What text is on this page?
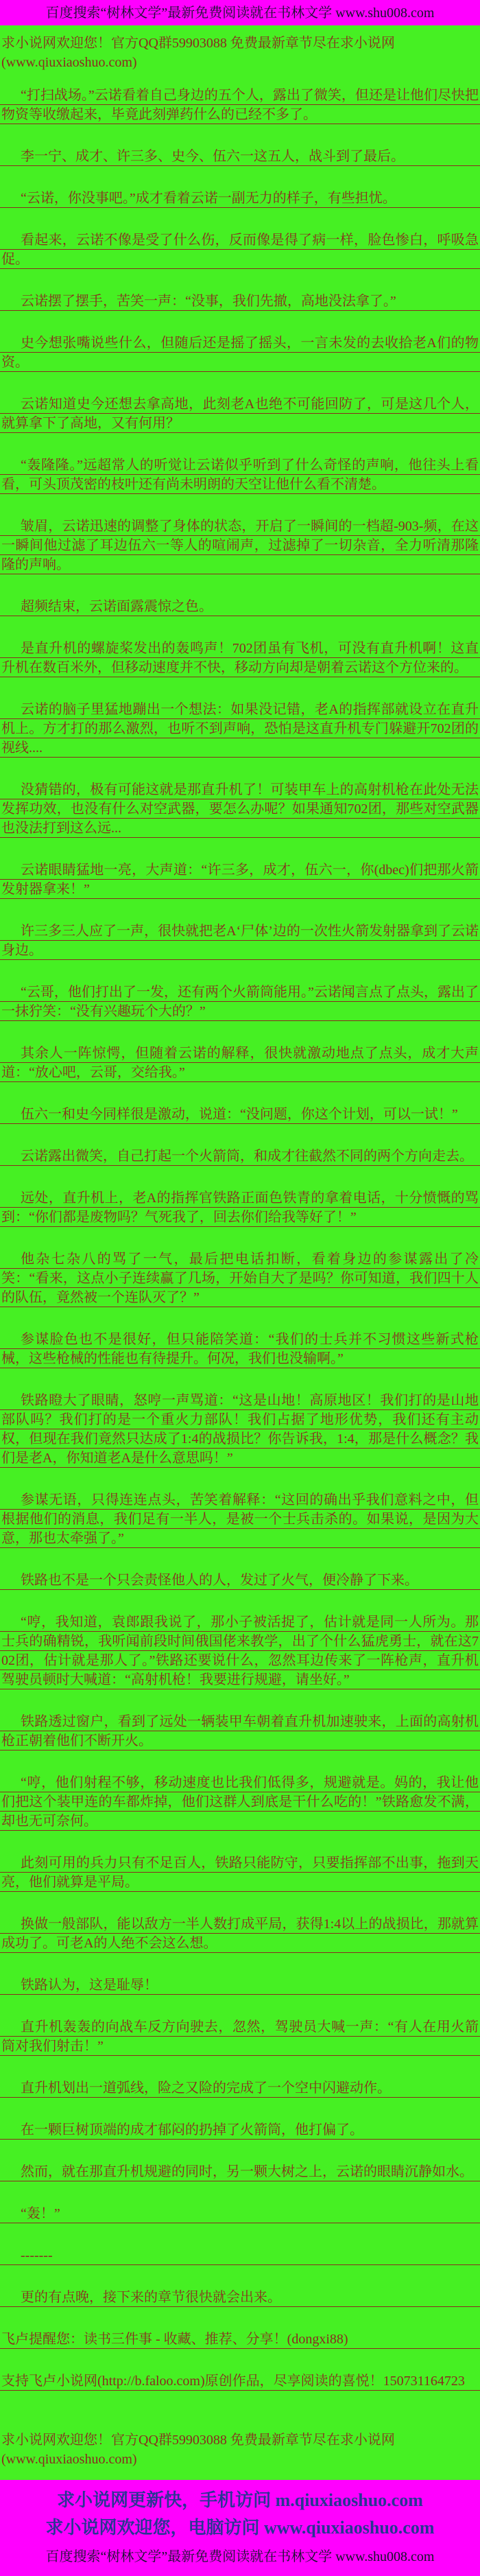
百度搜索“树林文学”最新免费阅读就在书林文学 www.shu008.com
求小说网欢迎您！官方QQ群59903088 免费最新章节尽在求小说网(www.qiuxiaoshuo.com)

“打扫战场。”云诺看着自己身边的五个人，露出了微笑，但还是让他们尽快把物资等收缴起来，毕竟此刻弹药什么的已经不多了。

李一宁、成才、许三多、史今、伍六一这五人，战斗到了最后。

“云诺，你没事吧。”成才看着云诺一副无力的样子，有些担忧。

看起来，云诺不像是受了什么伤，反而像是得了病一样，脸色惨白，呼吸急促。

云诺摆了摆手，苦笑一声：“没事，我们先撤，高地没法拿了。”

史今想张嘴说些什么，但随后还是摇了摇头，一言未发的去收拾老A们的物资。

云诺知道史今还想去拿高地，此刻老A也绝不可能回防了，可是这几个人，就算拿下了高地，又有何用？

“轰隆隆。”远超常人的听觉让云诺似乎听到了什么奇怪的声响，他往头上看看，可头顶茂密的枝叶还有尚未明朗的天空让他什么看不清楚。

皱眉，云诺迅速的调整了身体的状态，开启了一瞬间的一档超-903-频，在这一瞬间他过滤了耳边伍六一等人的喧闹声，过滤掉了一切杂音，全力听清那隆隆的声响。

超频结束，云诺面露震惊之色。

是直升机的螺旋桨发出的轰鸣声！702团虽有飞机，可没有直升机啊！这直升机在数百米外，但移动速度并不快，移动方向却是朝着云诺这个方位来的。

云诺的脑子里猛地蹦出一个想法：如果没记错，老A的指挥部就设立在直升机上。方才打的那么激烈，也听不到声响，恐怕是这直升机专门躲避开702团的视线....

没猜错的，极有可能这就是那直升机了！可装甲车上的高射机枪在此处无法发挥功效，也没有什么对空武器，要怎么办呢？如果通知702团，那些对空武器也没法打到这么远...

云诺眼睛猛地一亮，大声道：“许三多，成才，伍六一，你(dbec)们把那火箭发射器拿来！”

许三多三人应了一声，很快就把老A‘尸体’边的一次性火箭发射器拿到了云诺身边。

“云哥，他们打出了一发，还有两个火箭筒能用。”云诺闻言点了点头，露出了一抹狞笑：“没有兴趣玩个大的？”

其余人一阵惊愕，但随着云诺的解释，很快就激动地点了点头，成才大声道：“放心吧，云哥，交给我。”

伍六一和史今同样很是激动，说道：“没问题，你这个计划，可以一试！”

云诺露出微笑，自己打起一个火箭筒，和成才往截然不同的两个方向走去。

远处，直升机上，老A的指挥官铁路正面色铁青的拿着电话，十分愤慨的骂到：“你们都是废物吗？气死我了，回去你们给我等好了！”

他杂七杂八的骂了一气，最后把电话扣断，看着身边的参谋露出了冷笑：“看来，这点小子连续赢了几场，开始自大了是吗？你可知道，我们四十人的队伍，竟然被一个连队灭了？”

参谋脸色也不是很好，但只能陪笑道：“我们的士兵并不习惯这些新式枪械，这些枪械的性能也有待提升。何况，我们也没输啊。”

铁路瞪大了眼睛，怒哼一声骂道：“这是山地！高原地区！我们打的是山地部队吗？我们打的是一个重火力部队！我们占据了地形优势，我们还有主动权，但现在我们竟然只达成了1:4的战损比？你告诉我，1:4，那是什么概念？我们是老A，你知道老A是什么意思吗！”

参谋无语，只得连连点头，苦笑着解释：“这回的确出乎我们意料之中，但根据他们的消息，我们足有一半人，是被一个士兵击杀的。如果说，是因为大意，那也太牵强了。”

铁路也不是一个只会责怪他人的人，发过了火气，便冷静了下来。

“哼，我知道，袁郎跟我说了，那小子被活捉了，估计就是同一人所为。那士兵的确精锐，我听闻前段时间俄国佬来教学，出了个什么猛虎勇士，就在这702团，估计就是那人了。”铁路还要说什么，忽然耳边传来了一阵枪声，直升机驾驶员顿时大喊道：“高射机枪！我要进行规避，请坐好。”

铁路透过窗户，看到了远处一辆装甲车朝着直升机加速驶来，上面的高射机枪正朝着他们不断开火。

“哼，他们射程不够，移动速度也比我们低得多，规避就是。妈的，我让他们把这个装甲连的车都炸掉，他们这群人到底是干什么吃的！”铁路愈发不满，却也无可奈何。

此刻可用的兵力只有不足百人，铁路只能防守，只要指挥部不出事，拖到天亮，他们就算是平局。

换做一般部队，能以敌方一半人数打成平局，获得1:4以上的战损比，那就算成功了。可老A的人绝不会这么想。

铁路认为，这是耻辱！

直升机轰轰的向战车反方向驶去，忽然，驾驶员大喊一声：“有人在用火箭筒对我们射击！”

直升机划出一道弧线，险之又险的完成了一个空中闪避动作。

在一颗巨树顶端的成才郁闷的扔掉了火箭筒，他打偏了。

然而，就在那直升机规避的同时，另一颗大树之上，云诺的眼睛沉静如水。

“轰！”

-------

更的有点晚，接下来的章节很快就会出来。

飞卢提醒您：读书三件事 - 收藏、推荐、分享！(dongxi88)

支持飞卢小说网(http://b.faloo.com)原创作品，尽享阅读的喜悦！150731164723

求小说网欢迎您！官方QQ群59903088 免费最新章节尽在求小说网(www.qiuxiaoshuo.com)
求小说网更新快，手机访问 m.qiuxiaoshuo.com
求小说网欢迎您，电脑访问 www.qiuxiaoshuo.com
百度搜索“树林文学”最新免费阅读就在书林文学 www.shu008.com
